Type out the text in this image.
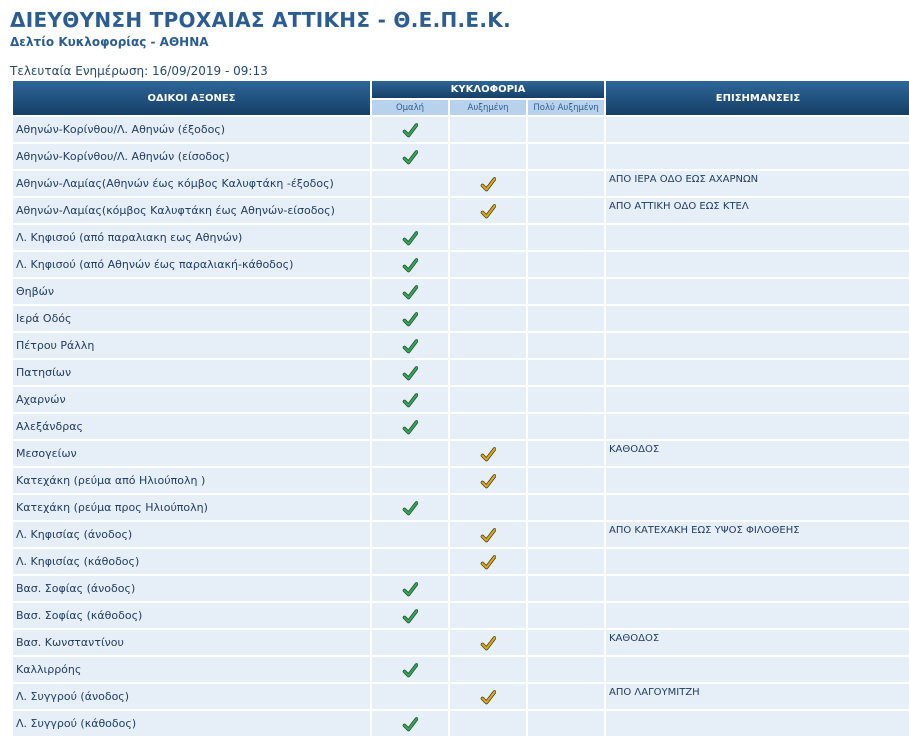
ΔΙΕΥΘΥΝΣΗ ΤΡΟΧΑΙΑΣ ΑΤΤΙΚΗΣ - Θ.Ε.Π.Ε.Κ.
Δελτίο Κυκλοφορίας - ΑΘΗΝΑ
Τελευταία Ενημέρωση: 16/09/2019 - 09:13
ΟΔΙΚΟΙ ΑΞΟΝΕΣ	ΚΥΚΛΟΦΟΡΙΑ			ΕΠΙΣΗΜΑΝΣΕΙΣ
	Ομαλή	Αυξημένη	Πολύ Αυξημένη	
Αθηνών-Κορίνθου/Λ. Αθηνών (έξοδος)				
Αθηνών-Κορίνθου/Λ. Αθηνών (είσοδος)				
Αθηνών-Λαμίας(Αθηνών έως κόμβος Καλυφτάκη -έξοδος)				ΑΠΟ ΙΕΡΑ ΟΔΟ ΕΩΣ ΑΧΑΡΝΩΝ
Αθηνών-Λαμίας(κόμβος Καλυφτάκη έως Αθηνών-είσοδος)				ΑΠΟ ΑΤΤΙΚΗ ΟΔΟ ΕΩΣ ΚΤΕΛ
Λ. Κηφισού (από παραλιακη εως Αθηνών)				
Λ. Κηφισού (από Αθηνών έως παραλιακή-κάθοδος)				
Θηβών				
Ιερά Οδός				
Πέτρου Ράλλη				
Πατησίων				
Αχαρνών				
Αλεξάνδρας				
Μεσογείων				ΚΑΘΟΔΟΣ
Κατεχάκη (ρεύμα από Ηλιούπολη )				
Κατεχάκη (ρεύμα προς Ηλιούπολη)				
Λ. Κηφισίας (άνοδος)				ΑΠΟ ΚΑΤΕΧΑΚΗ ΕΩΣ ΥΨΟΣ ΦΙΛΟΘΕΗΣ
Λ. Κηφισίας (κάθοδος)				
Βασ. Σοφίας (άνοδος)				
Βασ. Σοφίας (κάθοδος)				
Βασ. Κωνσταντίνου				ΚΑΘΟΔΟΣ
Καλλιρρόης				
Λ. Συγγρού (άνοδος)				ΑΠΟ ΛΑΓΟΥΜΙΤΖΗ
Λ. Συγγρού (κάθοδος)				
